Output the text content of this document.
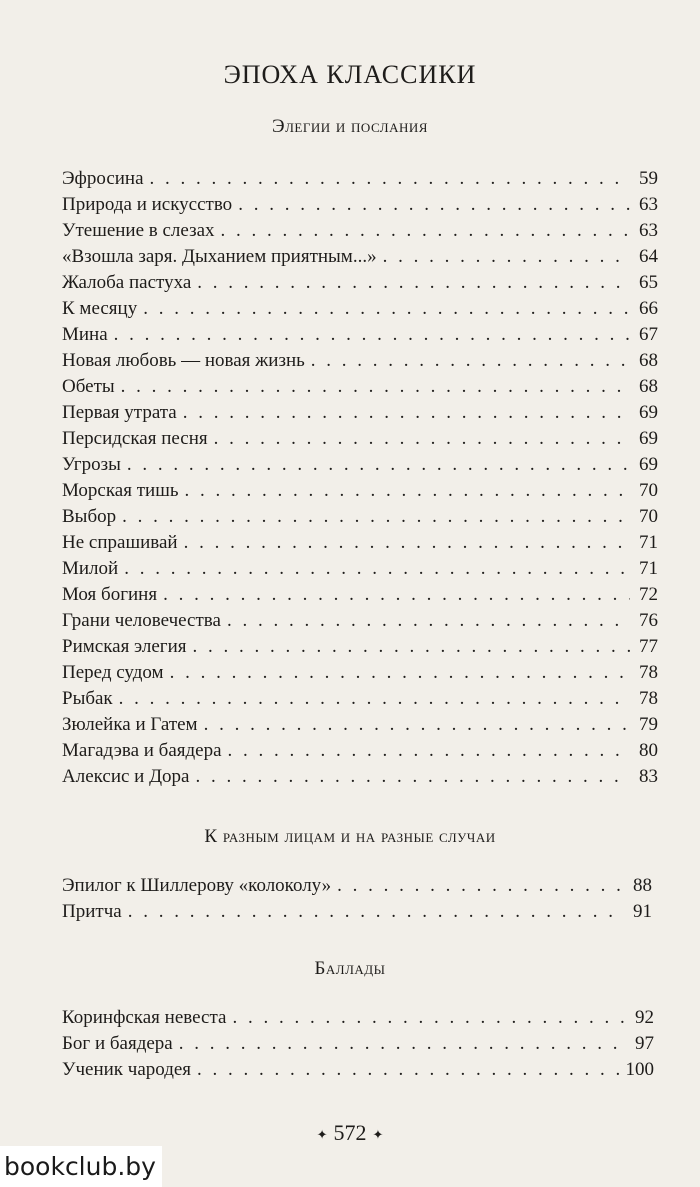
ЭПОХА КЛАССИКИ
Элегии и послания
Эфросина . . .	59
Природа и искусство . . .	63
Утешение в слезах . . .	63
«Взошла заря. Дыханием приятным...» . . .	64
Жалоба пастуха . . .	65
К месяцу . . .	66
Мина . . .	67
Новая любовь — новая жизнь . . .	68
Обеты . . .	68
Первая утрата . . .	69
Персидская песня . . .	69
Угрозы . . .	69
Морская тишь . . .	70
Выбор . . .	70
Не спрашивай . . .	71
Милой . . .	71
Моя богиня . . .	72
Грани человечества . . .	76
Римская элегия . . .	77
Перед судом . . .	78
Рыбак . . .	78
Зюлейка и Гатем . . .	79
Магадэва и баядера . . .	80
Алексис и Дора . . .	83
К разным лицам и на разные случаи
Эпилог к Шиллерову «колоколу» . . .	88
Притча . . .	91
Баллады
Коринфская невеста . . .	92
Бог и баядера . . .	97
Ученик чародея . . .	100
✦ 572 ✦
bookclub.by
